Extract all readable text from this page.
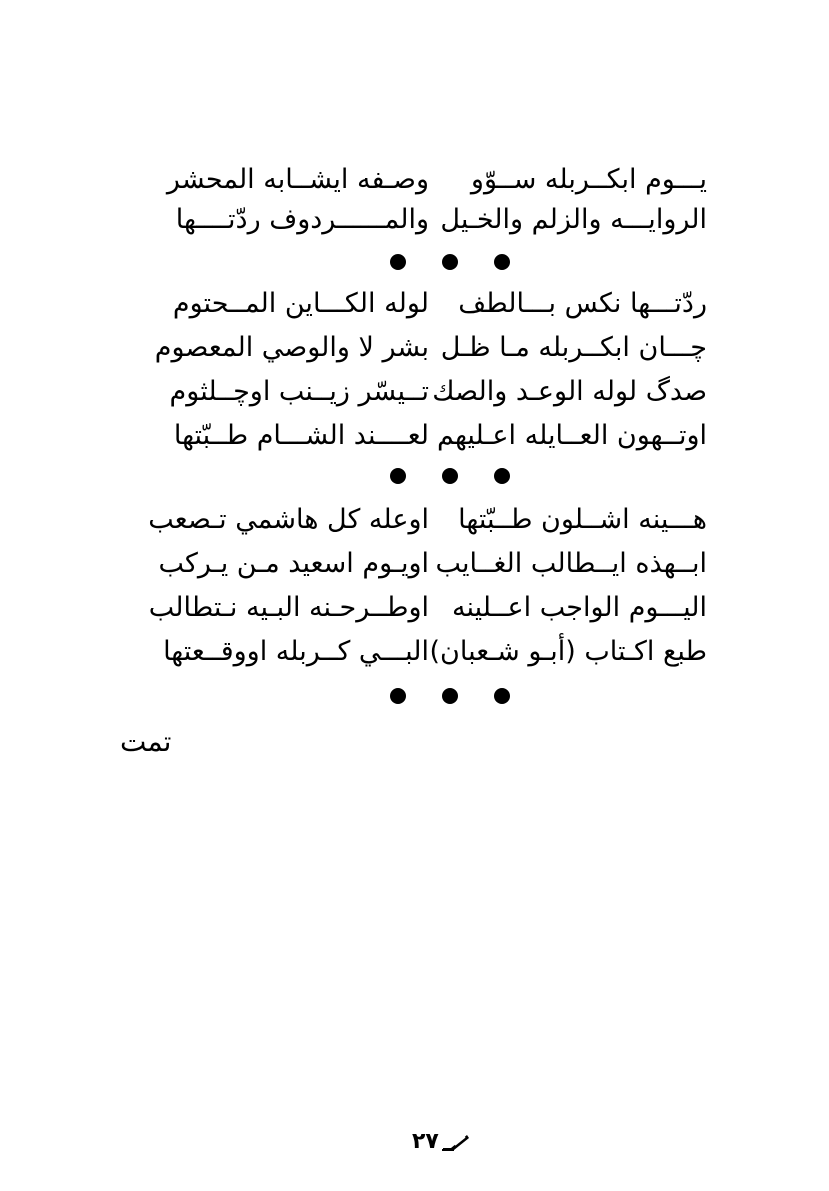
يـــوم ابكــربله ســوّو
وصـفه ايشــابه المحشر
الروايـــه والزلم والخـيل
والمــــــردوف ردّتــــها
ردّتـــها نكس بـــالطف
لوله الكـــاين المــحتوم
چـــان ابكــربله مـا ظـل
بشر لا والوصي المعصوم
صدگ لوله الوعـد والصك
تــيسّر زيــنب اوچــلثوم
اوتــهون العــايله اعـليهم
لعــــند الشـــام طــبّتها
هـــينه اشــلون طــبّتها
اوعله كل هاشمي تـصعب
ابــهذه ايــطالب الغــايب
اويـوم اسعيد مـن يـركب
اليـــوم الواجب اعــلينه
اوطــرحـنه البـيه نـتطالب
طبع اكـتاب (أبـو شـعبان)
البـــي كــربله اووقــعتها
تمت
٢٧
